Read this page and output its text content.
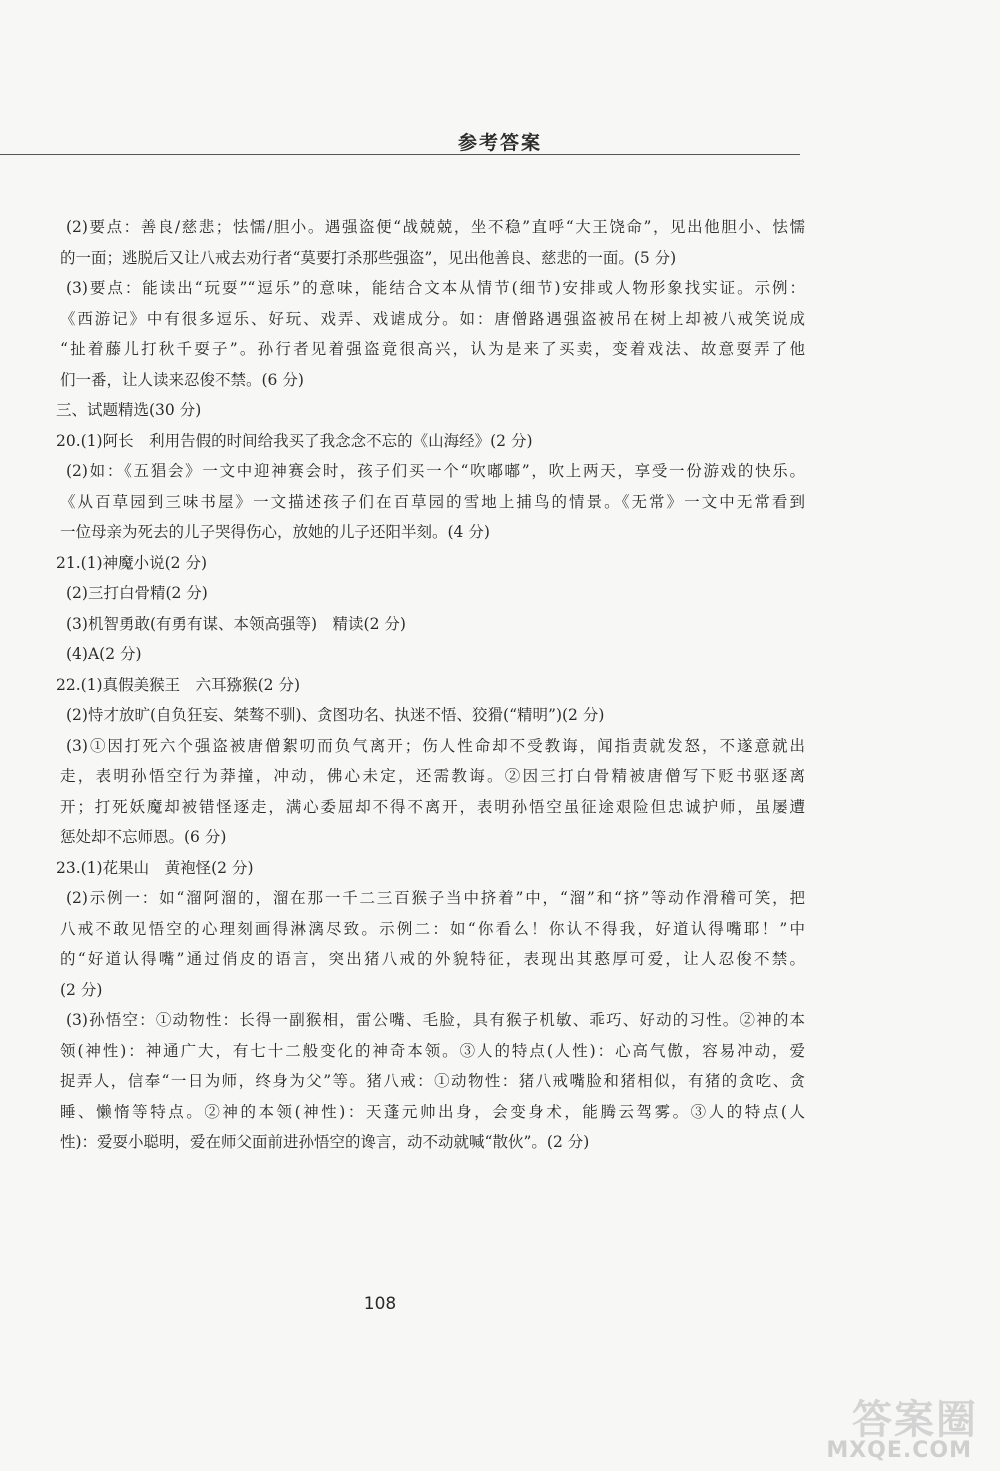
参考答案
(2)要点：善良/慈悲；怯懦/胆小。遇强盗便“战兢兢，坐不稳”直呼“大王饶命”，见出他胆小、怯懦
的一面；逃脱后又让八戒去劝行者“莫要打杀那些强盗”，见出他善良、慈悲的一面。(5 分)
(3)要点：能读出“玩耍”“逗乐”的意味，能结合文本从情节(细节)安排或人物形象找实证。示例：
《西游记》中有很多逗乐、好玩、戏弄、戏谑成分。如：唐僧路遇强盗被吊在树上却被八戒笑说成
“扯着藤儿打秋千耍子”。孙行者见着强盗竟很高兴，认为是来了买卖，变着戏法、故意耍弄了他
们一番，让人读来忍俊不禁。(6 分)
三、试题精选(30 分)
20.(1)阿长　利用告假的时间给我买了我念念不忘的《山海经》(2 分)
(2)如：《五猖会》一文中迎神赛会时，孩子们买一个“吹嘟嘟”，吹上两天，享受一份游戏的快乐。
《从百草园到三味书屋》一文描述孩子们在百草园的雪地上捕鸟的情景。《无常》一文中无常看到
一位母亲为死去的儿子哭得伤心，放她的儿子还阳半刻。(4 分)
21.(1)神魔小说(2 分)
(2)三打白骨精(2 分)
(3)机智勇敢(有勇有谋、本领高强等)　精读(2 分)
(4)A(2 分)
22.(1)真假美猴王　六耳猕猴(2 分)
(2)恃才放旷(自负狂妄、桀骜不驯)、贪图功名、执迷不悟、狡猾(“精明”)(2 分)
(3)①因打死六个强盗被唐僧絮叨而负气离开；伤人性命却不受教诲，闻指责就发怒，不遂意就出
走，表明孙悟空行为莽撞，冲动，佛心未定，还需教诲。②因三打白骨精被唐僧写下贬书驱逐离
开；打死妖魔却被错怪逐走，满心委屈却不得不离开，表明孙悟空虽征途艰险但忠诚护师，虽屡遭
惩处却不忘师恩。(6 分)
23.(1)花果山　黄袍怪(2 分)
(2)示例一：如“溜阿溜的，溜在那一千二三百猴子当中挤着”中，“溜”和“挤”等动作滑稽可笑，把
八戒不敢见悟空的心理刻画得淋漓尽致。示例二：如“你看么！你认不得我，好道认得嘴耶！”中
的“好道认得嘴”通过俏皮的语言，突出猪八戒的外貌特征，表现出其憨厚可爱，让人忍俊不禁。
(2 分)
(3)孙悟空：①动物性：长得一副猴相，雷公嘴、毛脸，具有猴子机敏、乖巧、好动的习性。②神的本
领(神性)：神通广大，有七十二般变化的神奇本领。③人的特点(人性)：心高气傲，容易冲动，爱
捉弄人，信奉“一日为师，终身为父”等。猪八戒：①动物性：猪八戒嘴脸和猪相似，有猪的贪吃、贪
睡、懒惰等特点。②神的本领(神性)：天蓬元帅出身，会变身术，能腾云驾雾。③人的特点(人
性)：爱耍小聪明，爱在师父面前进孙悟空的谗言，动不动就喊“散伙”。(2 分)
108
答案圈
MXQE.COM
